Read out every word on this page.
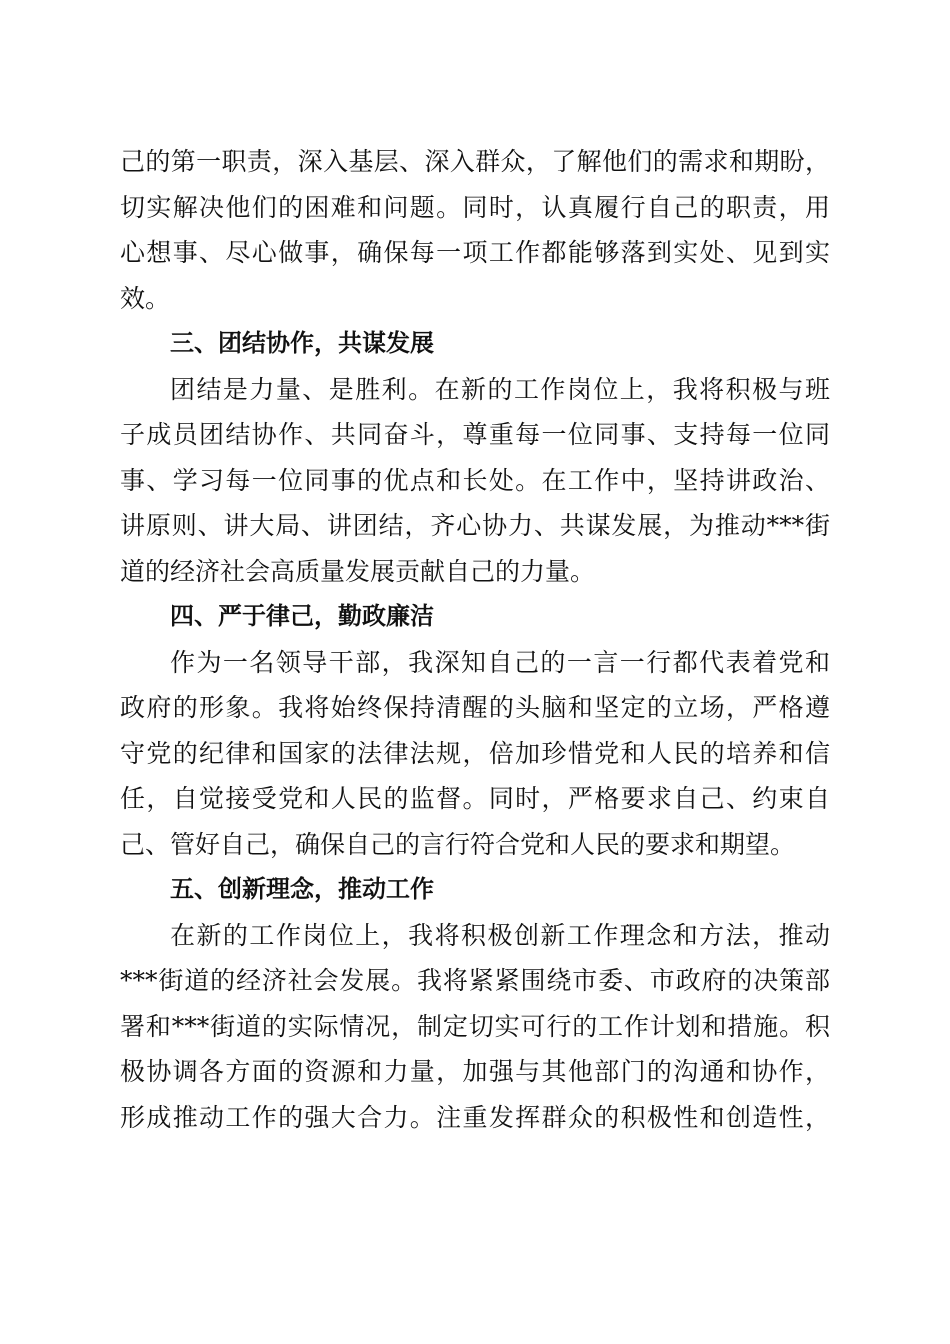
己的第一职责，深入基层、深入群众，了解他们的需求和期盼，
切实解决他们的困难和问题。同时，认真履行自己的职责，用
心想事、尽心做事，确保每一项工作都能够落到实处、见到实
效。
三、团结协作，共谋发展
团结是力量、是胜利。在新的工作岗位上，我将积极与班
子成员团结协作、共同奋斗，尊重每一位同事、支持每一位同
事、学习每一位同事的优点和长处。在工作中，坚持讲政治、
讲原则、讲大局、讲团结，齐心协力、共谋发展，为推动***街
道的经济社会高质量发展贡献自己的力量。
四、严于律己，勤政廉洁
作为一名领导干部，我深知自己的一言一行都代表着党和
政府的形象。我将始终保持清醒的头脑和坚定的立场，严格遵
守党的纪律和国家的法律法规，倍加珍惜党和人民的培养和信
任，自觉接受党和人民的监督。同时，严格要求自己、约束自
己、管好自己，确保自己的言行符合党和人民的要求和期望。
五、创新理念，推动工作
在新的工作岗位上，我将积极创新工作理念和方法，推动
***街道的经济社会发展。我将紧紧围绕市委、市政府的决策部
署和***街道的实际情况，制定切实可行的工作计划和措施。积
极协调各方面的资源和力量，加强与其他部门的沟通和协作，
形成推动工作的强大合力。注重发挥群众的积极性和创造性，
